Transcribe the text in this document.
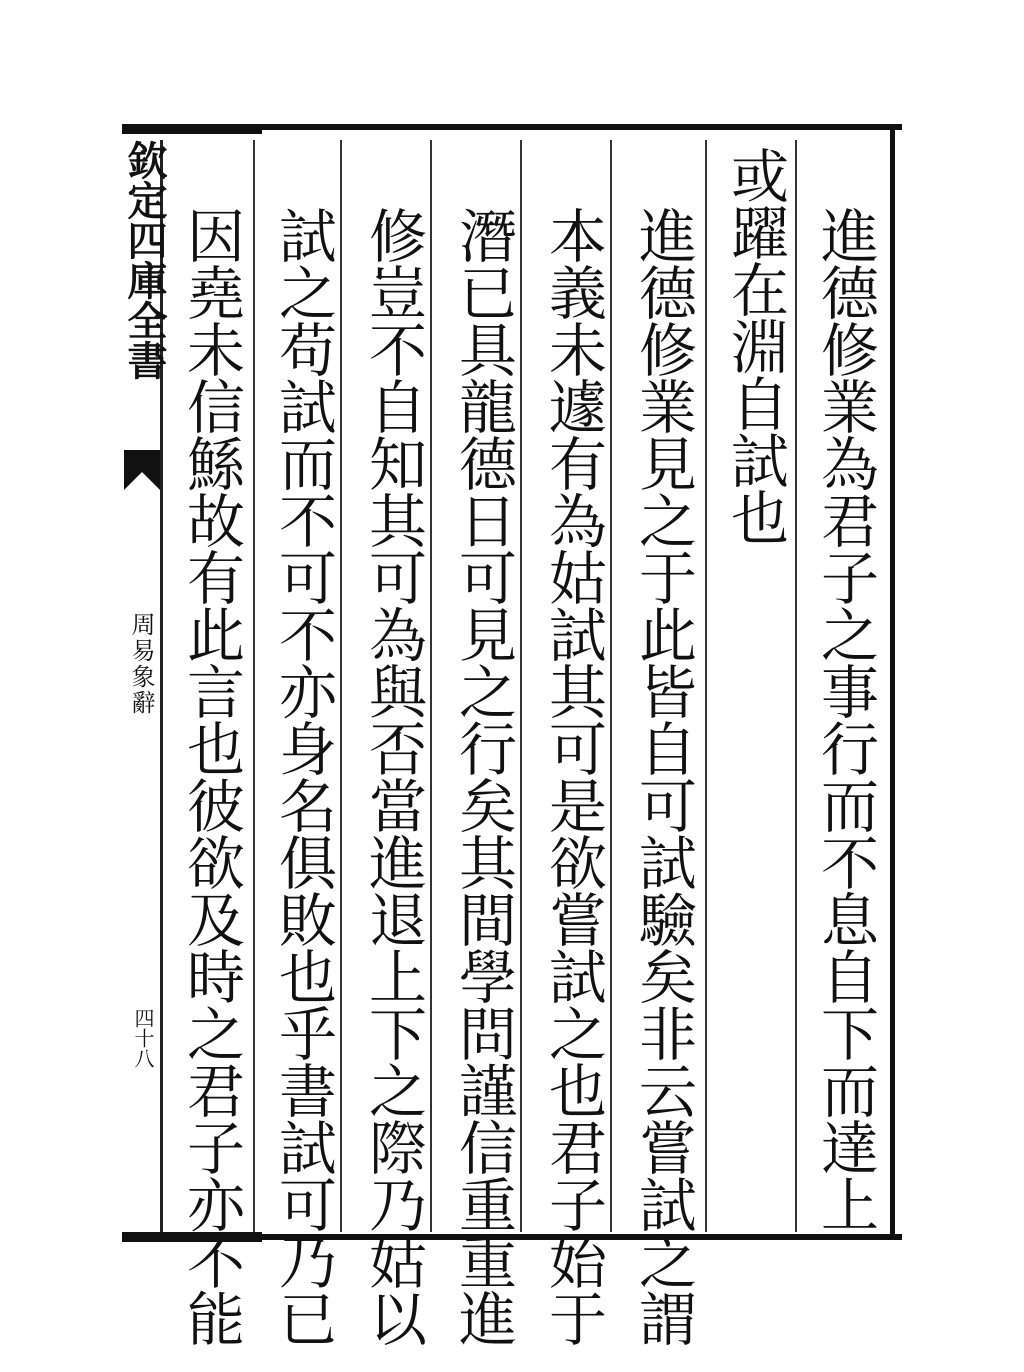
欽定四庫全書
周易象辭
四十八	進德修業為君子之事行而不息自下而達上
或躍在淵自試也
進德修業見之于此皆自可試驗矣非云嘗試之謂
本義未遽有為姑試其可是欲嘗試之也君子始于
潛已具龍德日可見之行矣其間學問謹信重重進
修豈不自知其可為與否當進退上下之際乃姑以
試之苟試而不可不亦身名俱敗也乎書試可乃已
因堯未信鯀故有此言也彼欲及時之君子亦不能
